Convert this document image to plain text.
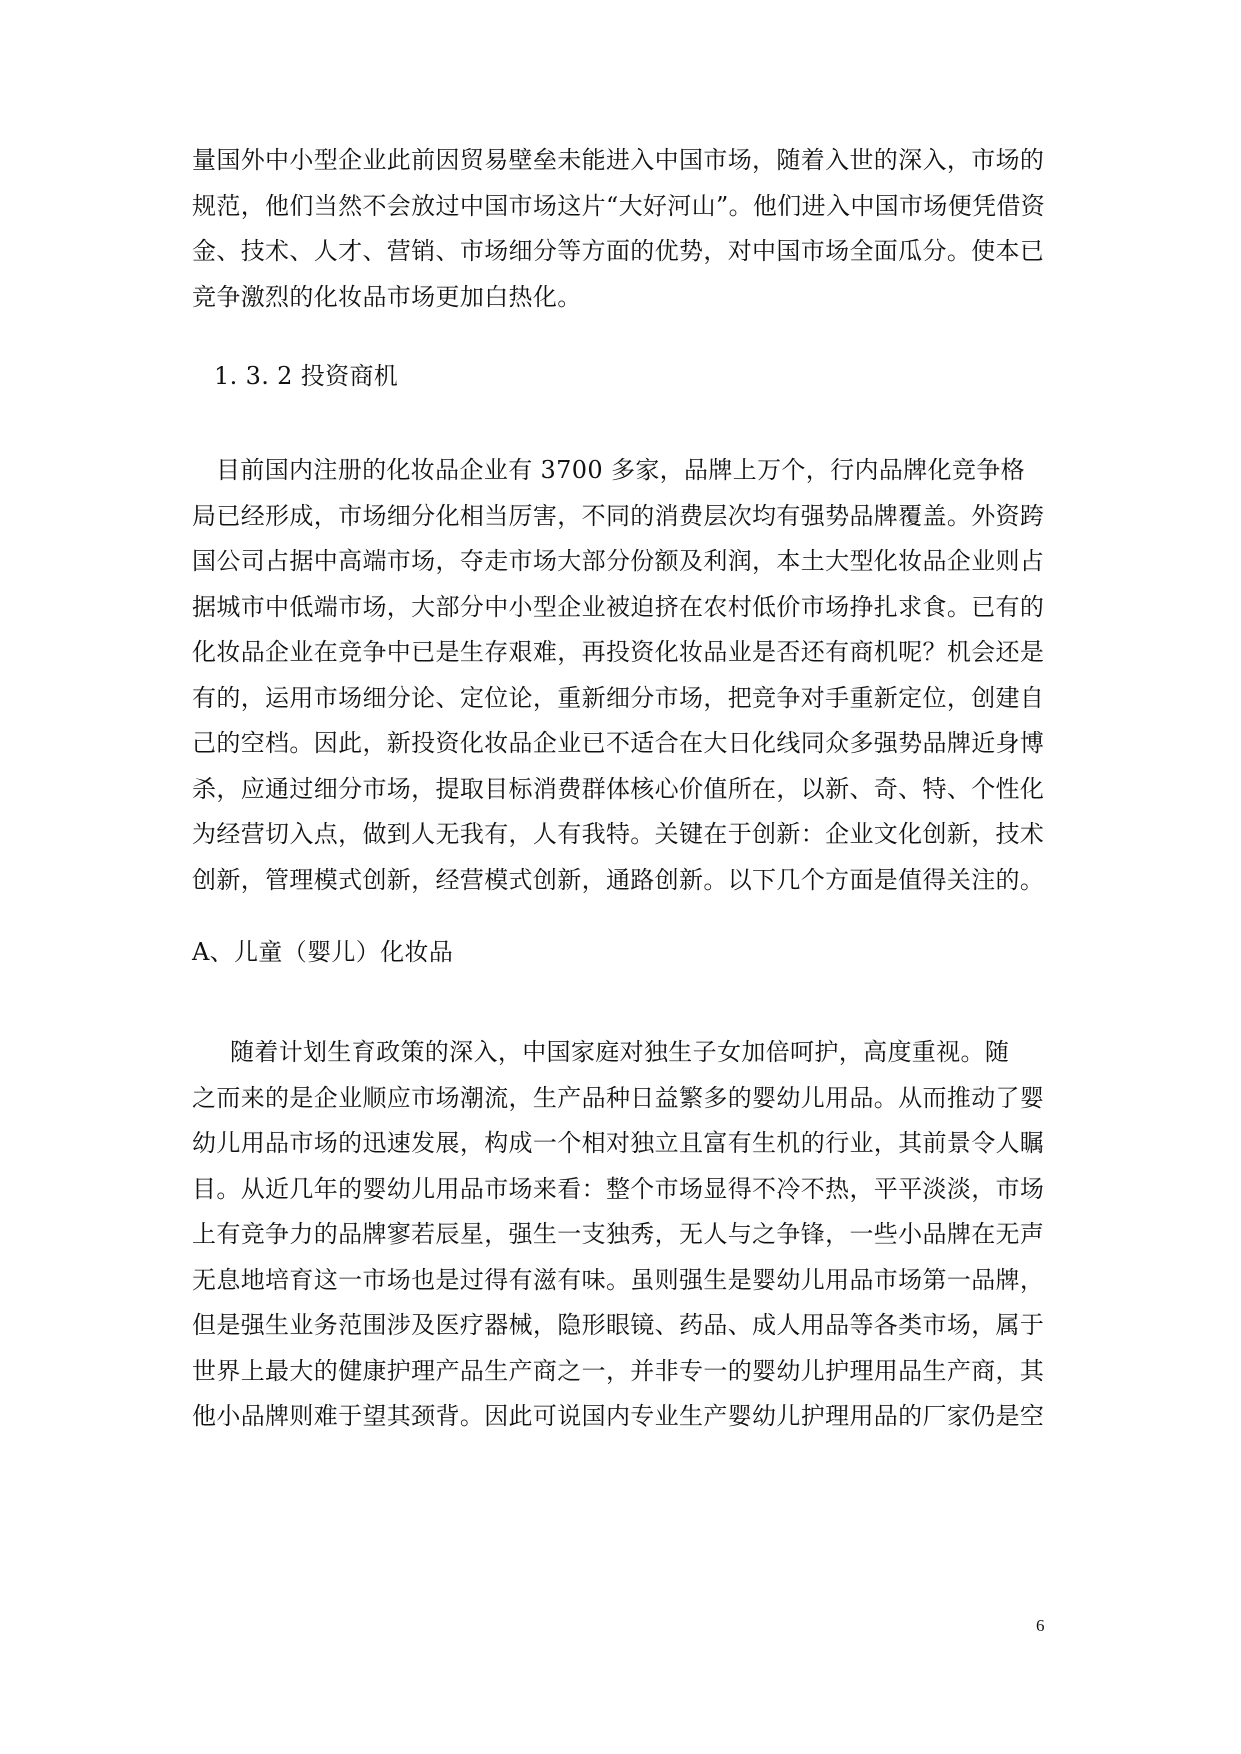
量国外中小型企业此前因贸易壁垒未能进入中国市场，随着入世的深入，市场的
规范，他们当然不会放过中国市场这片“大好河山”。他们进入中国市场便凭借资
金、技术、人才、营销、市场细分等方面的优势，对中国市场全面瓜分。使本已
竞争激烈的化妆品市场更加白热化。
1. 3. 2 投资商机
目前国内注册的化妆品企业有 3700 多家，品牌上万个，行内品牌化竞争格
局已经形成，市场细分化相当厉害，不同的消费层次均有强势品牌覆盖。外资跨
国公司占据中高端市场，夺走市场大部分份额及利润，本土大型化妆品企业则占
据城市中低端市场，大部分中小型企业被迫挤在农村低价市场挣扎求食。已有的
化妆品企业在竞争中已是生存艰难，再投资化妆品业是否还有商机呢？机会还是
有的，运用市场细分论、定位论，重新细分市场，把竞争对手重新定位，创建自
己的空档。因此，新投资化妆品企业已不适合在大日化线同众多强势品牌近身博
杀，应通过细分市场，提取目标消费群体核心价值所在，以新、奇、特、个性化
为经营切入点，做到人无我有，人有我特。关键在于创新：企业文化创新，技术
创新，管理模式创新，经营模式创新，通路创新。以下几个方面是值得关注的。
A、儿童（婴儿）化妆品
随着计划生育政策的深入，中国家庭对独生子女加倍呵护，高度重视。随
之而来的是企业顺应市场潮流，生产品种日益繁多的婴幼儿用品。从而推动了婴
幼儿用品市场的迅速发展，构成一个相对独立且富有生机的行业，其前景令人瞩
目。从近几年的婴幼儿用品市场来看：整个市场显得不冷不热，平平淡淡，市场
上有竞争力的品牌寥若辰星，强生一支独秀，无人与之争锋，一些小品牌在无声
无息地培育这一市场也是过得有滋有味。虽则强生是婴幼儿用品市场第一品牌，
但是强生业务范围涉及医疗器械，隐形眼镜、药品、成人用品等各类市场，属于
世界上最大的健康护理产品生产商之一，并非专一的婴幼儿护理用品生产商，其
他小品牌则难于望其颈背。因此可说国内专业生产婴幼儿护理用品的厂家仍是空
6
